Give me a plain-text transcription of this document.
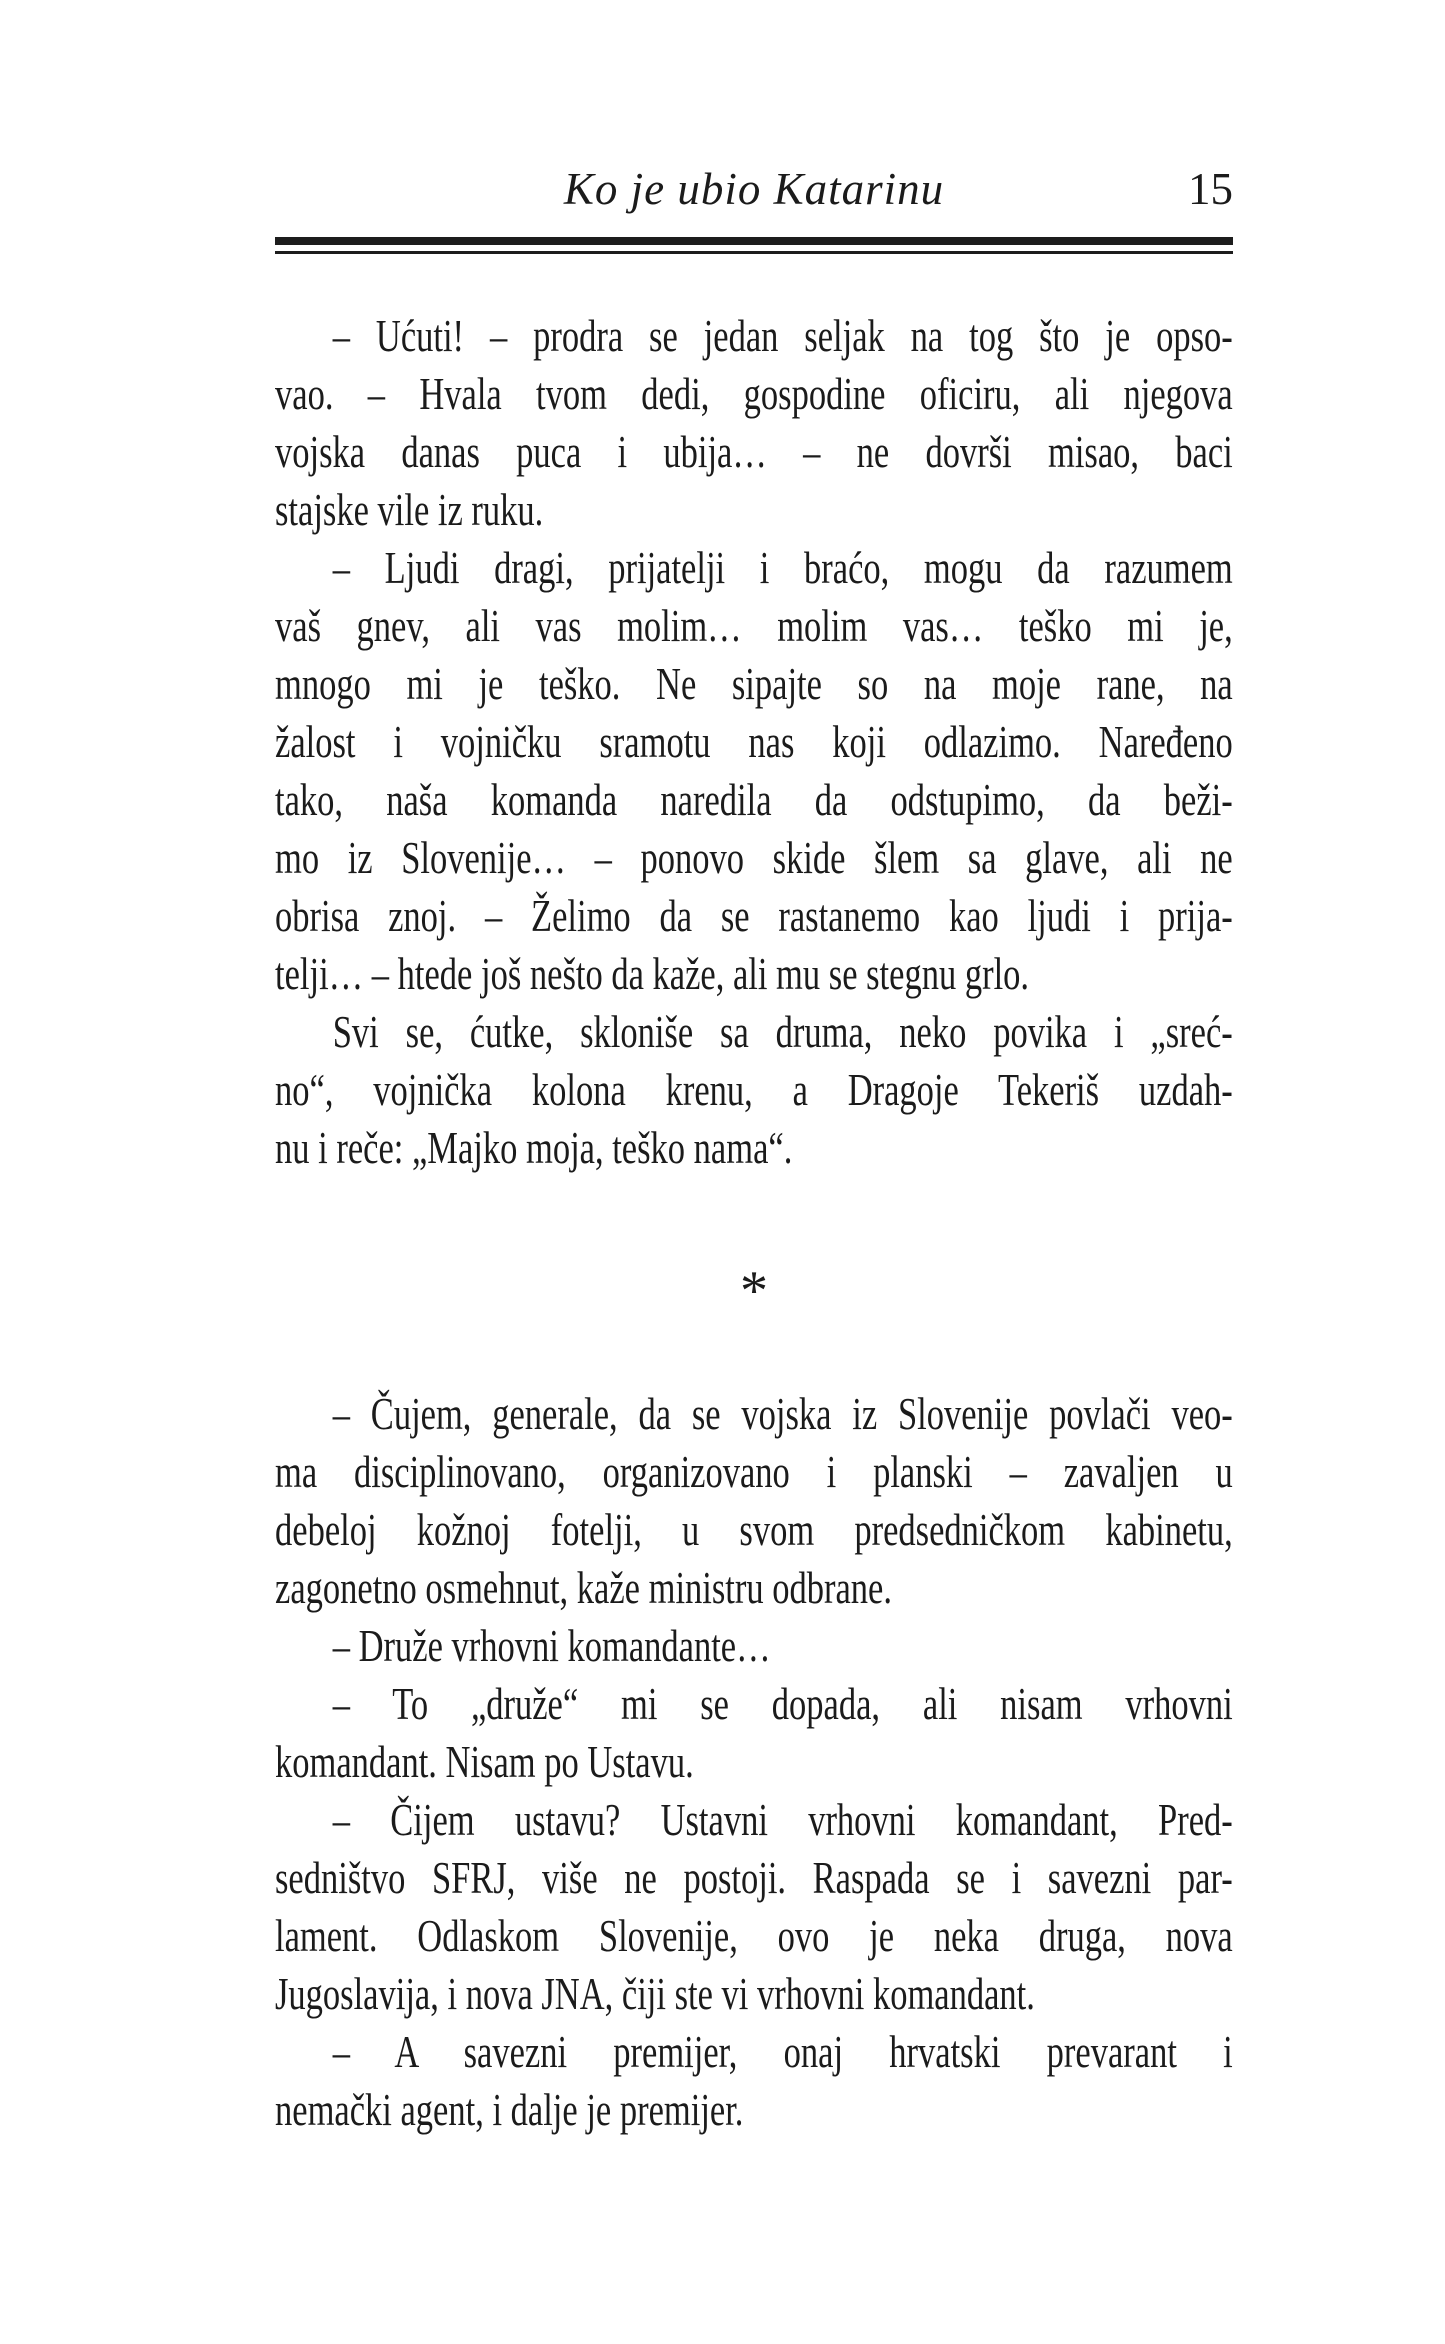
Ko je ubio Katarinu	15
– Ućuti! – prodra se jedan seljak na tog što je opso-
vao. – Hvala tvom dedi, gospodine oficiru, ali njegova
vojska danas puca i ubija… – ne dovrši misao, baci
stajske vile iz ruku.
– Ljudi dragi, prijatelji i braćo, mogu da razumem
vaš gnev, ali vas molim… molim vas… teško mi je,
mnogo mi je teško. Ne sipajte so na moje rane, na
žalost i vojničku sramotu nas koji odlazimo. Naređeno
tako, naša komanda naredila da odstupimo, da beži-
mo iz Slovenije… – ponovo skide šlem sa glave, ali ne
obrisa znoj. – Želimo da se rastanemo kao ljudi i prija-
telji… – htede još nešto da kaže, ali mu se stegnu grlo.
Svi se, ćutke, skloniše sa druma, neko povika i „sreć-
no“, vojnička kolona krenu, a Dragoje Tekeriš uzdah-
nu i reče: „Majko moja, teško nama“.
*
– Čujem, generale, da se vojska iz Slovenije povlači veo-
ma disciplinovano, organizovano i planski – zavaljen u
debeloj kožnoj fotelji, u svom predsedničkom kabinetu,
zagonetno osmehnut, kaže ministru odbrane.
– Druže vrhovni komandante…
– To „druže“ mi se dopada, ali nisam vrhovni
komandant. Nisam po Ustavu.
– Čijem ustavu? Ustavni vrhovni komandant, Pred-
sedništvo SFRJ, više ne postoji. Raspada se i savezni par-
lament. Odlaskom Slovenije, ovo je neka druga, nova
Jugoslavija, i nova JNA, čiji ste vi vrhovni komandant.
– A savezni premijer, onaj hrvatski prevarant i
nemački agent, i dalje je premijer.
